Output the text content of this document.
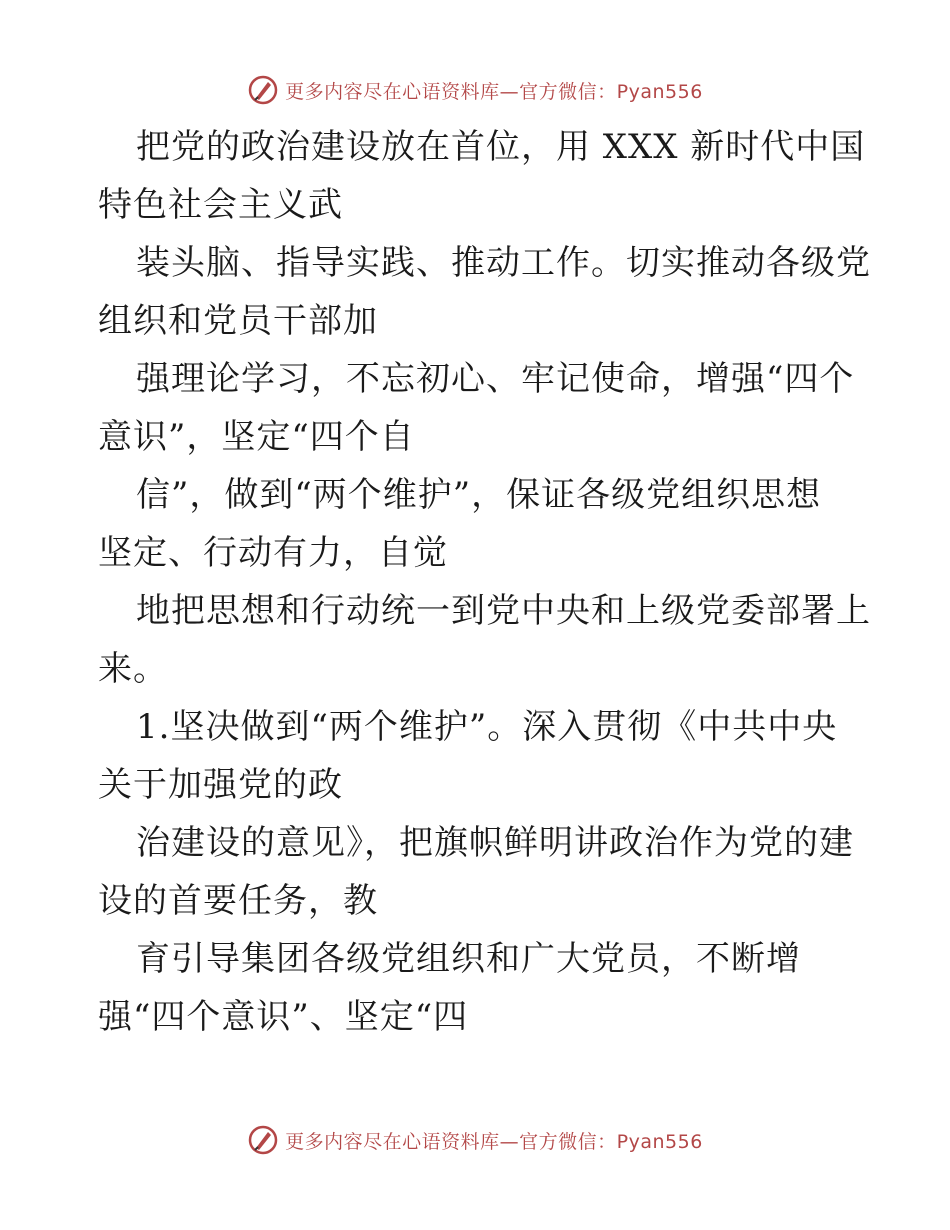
更多内容尽在心语资料库—官方微信：Pyan556
把党的政治建设放在首位，用 XXX 新时代中国
特色社会主义武
装头脑、指导实践、推动工作。切实推动各级党
组织和党员干部加
强理论学习，不忘初心、牢记使命，增强“四个
意识”，坚定“四个自
信”，做到“两个维护”，保证各级党组织思想
坚定、行动有力，自觉
地把思想和行动统一到党中央和上级党委部署上
来。
1.坚决做到“两个维护”。深入贯彻《中共中央
关于加强党的政
治建设的意见》，把旗帜鲜明讲政治作为党的建
设的首要任务，教
育引导集团各级党组织和广大党员，不断增
强“四个意识”、坚定“四
更多内容尽在心语资料库—官方微信：Pyan556
